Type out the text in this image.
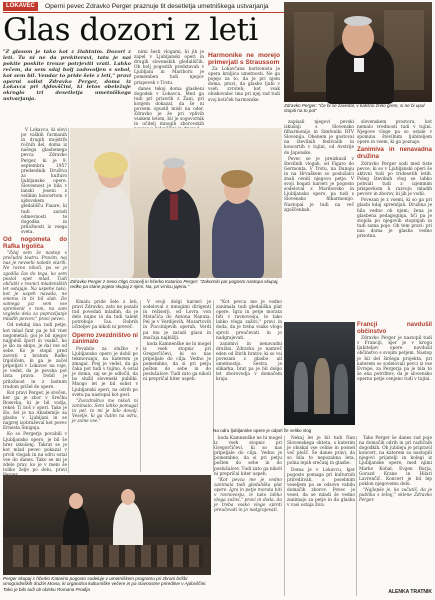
LOKAVEC	Operni pevec Zdravko Perger praznuje tit desetletja umetniškega ustvarjanja
Glas dozori z leti
"Z glasom je tako kot z žlahtnim. Dozori z leti. Tu ni ne da prekiteravi, tatu je nai pokite poskite treuze potrjeviti vrati. Lahko rečem, da sem sdaj bolj zadovoljen s sebol, kot sem bil. Vendar to pride šele z leti," pravi operni solist Zdravko Perger, doma iz Lokavca pri Ajdovščini, ki letos obeležuje okroglo tri desetletja umetniškega ustvarjanja.

V Lokavcu, ki slovi po vaških furmanih in drugih mojstrih ročnih del, doma iz našega glasbenega pevca Zdravko Perger, ki je 9. septembra 1957 predsednik Društva za kulturo ljubljanske opere. Slovesnost je bila v lanski jeseni z velikim koncertom v ajdovskem gledališču Fiaare, ki tudi zaradi odmevnosti te dogodka in priložnosti iz vsega sveta.

Od nogometa do Rafka Irgoliča

"Zdaj sem že nastop v prečudni teatru. Pravim, naj nas je nevsehi nalede starih. Ne ravno nikoli, pa se je zgodila čas do tega, ko sem postal spet mlad. Tudi občutki v resnici mladeniških let ostajajo. Na uspehe tako, kot je uspeh navada, ne smemo in bi bil slab. Do samega jaz sem vse spremenil v tem, na sam vzgleda dela za popravljanje mladih pevcev," pravi pevec.

Od nekdaj ima radi petje, kot mlad fant pa je bil vnet nogometaš; gol je bil njegov najljubši šport in vsakič, ko je šlo za ekipo, je dal vse od sebe. Ko je stopil pred zavrsti z bratom Rafko Irgoličem, ki ga je začel pripeljati v Lokavec na vaje, je vedel, da je pevska pot tista prava. Dobil je priložnost in z lastnim trudom prišel do opere.

Kot pravi Perger, je srečen, ker ga je zbor v Srečku Rosevka, ki je bil vodja, rekel: Ti boš v operi. Tako je šlo, šel je na Akademijo za glasbo v Ljubljani in se najprej izobraževal kot pevec Ernesta Šinigoja.

Ko so Pergerja povabili v Ljubljansko opero, je bil še brez izkušenj. Takrat se je kot mlad pevec pokazal v prvih vlogah in na odru ostal vse do danes. Tako se mi je zdelo prav, ko je v meni še toliko želje po delu, pravi

nimi šesti vlogami, ki jih je zapel v Ljubljanski operi in drugih slovenskih gledališčih. Ob bolj pogostih predstavah v Ljubljani in Mariboru je pomemben tudi njegov prispevek v Trstu.

danes tekoj doma glasbeni dogodek v Lokavcu. Med ga tudi pri prizorih z Žani, pri konjem dokazal, da še ni povsem opustil misli na oder. Zdravko je že pri vplivih vsakem letom, bil je sogovornik in učitelj mnogih zborovskih

Harmonike ne morejo primerjati s Straussom

Za Lokavčana baritonista je opera kraljica umetnosti. Ne ga pojejo za to, da je pri njem doma, pravi, da glasbo ljubi v vseh zvrsteh; kot vsak obiskovalec ima pri njej rad tudi svoj kotiček harmonike.

Zdravko Perger: "Če bi se zavedal, v kakšno žrelo grem, si ne bi upal stopiti na to pot"
Zdravko Perger z Ireno Olgo Gracelj in hčerko Katarino Perger: "Zakonski par pogosto nastopa skupaj, redko pa stane pojeta skupaj z njimi. Na, pri vrnicu jajena."

zapisali njegovi pevski izkušnji s Slovensko filharmonijo in Simfoniki RTV Slovenija. Obenem je gostoval na številnih festivalih in koncertih v tujini, od Avstrije do Japonske.

Pevec se je preizkusil v številnih vlogah, od Figaro do Germonta. V Trstu, na Dunaju in na Hrvaškem so poslušalci znali ceniti njegovo petje. V svoji bogati karieri je pogosto sodeloval z Mariborsko in Ljubljansko opero, pa tudi s Slovensko filharmonijo. Nastopal je tudi na več zgoščenkah.

slovenskem prostoru, kot nemalo vrednosti tudi v tujini. Njegove vloge pa so ostale v spominu številnim ljubiteljem opere in vsem, ki ga poznajo.

Zanimiva in nenavadna družina

Zdravko Perger sodi med tiste pevce, ki so v Ljubljanski operi še aktivni tudi po tridesetih letih. Poleg številnih vlog se lahko pohvali tudi z izjemnim prispevkom k razvoju mladih pevcev in zborov, ki jih je vodil.

Povezan je z vsemi, ki so ga pri glasbi kdaj spremljali. Družina je bila vedno ob njem; žena je glasbena pedagoginja, hči pa je stopila po njegovih stopinjah in tudi sama poje. Ob tem pravi: pri nas doma je glasba vedno prisotna.

Kmalu pride šele z leti, pravi Zdravko, zato ne pozabi rad povedati mladim, da je delo nujno in da tudi talent potrebuje čas. Dobrih učiteljev pa nikoli ni preveč.

Operno zvezdništvo ni zanimalo

Povabilo za službo v Ljubljansko opero je dobil po tekmovanju, na katerem je zmagal. Prej je vedel, da ga čaka pot tudi v tujino. A ostal je doma, saj se je odločil, da bo služil slovenski publiki. Mnogo let je bil solist v Ljubljanski operi, na odrih po svetu pa nastopal kot gost.

"Zvezdništvo me nikoli ni zanimalo. Sem lahko pomagal in pel, to mi je bilo dovolj. Veselje, ki ga čutim na odru, je zame vse."

V svoji dolgi karieri je sodeloval z mnogimi dirigenti in režiserji, od Lovra von Matačića do Antona Nanuta. Pel je v Verdijevih, Mozartovih in Puccinijevih operah, Verdi pa mu je zaradi glasu in značaja najbližji.

koda Kamnenške ne bi mogel iz vseh stopnic pri Gregorčičevi, ki so nas pripeljale do cilja. Vedno je pomembno, da si pri petju pošten do sebe in do poslušalcev. Tudi zato ga nikoli ni prepričal hiter uspeh.

"Kot pevca me je vedno zanimala tudi gledališka plat opere. Igra in petje morata biti v ravnovesju, le tako lahko vloga zaživi," pravi in doda, da je treba vsako vlogo sproti preučevati in jo nadgrajevati.

zanimivi in nenavadni družini. Zdravko je namreč eden od štirih bratov, ki so vsi povezani z glasbo ali umetnostjo. Sestra je slikarka, brat pa je bil dolgo let zborovodja v domačem kraju.

Francji navdušil občinstvo

Zdravko Perger je nastopil tudi v Franciji, kjer je v krogu ljubiteljev opere navdušil občinstvo s svojim petjem. Nastop je bil del širšega projekta, pri katerem so sodelovali pevci iz vse Evrope, za Pergerja pa je bila to še ena potrditev, da je slovensko operno petje cenjeno tudi v tujini.

Perger skupaj s hčerko Katarino pogosto sodeluje v umetniškem programu pri zbrani brišbi vinogradniških družin Movia, ki organizira kulturniške večere in pa slavnostne prireditve v Ajdovščini. Tako je bilo tudi ob obisku Romana Prodija
Na odru ljubljanske opere je odpel že veliko vlog

koda Kamnenške ne bi mogel iz vseh stopnic pri Gregorčičevi, ki so nas pripeljale do cilja. Vedno je pomembno, da si pri petju pošten do sebe in do poslušalcev. Tudi zato ga nikoli ni prepričal hiter uspeh.

"Kot pevca me je vedno zanimala tudi gledališka plat opere. Igra in petje morata biti v ravnovesju, le tako lahko vloga zaživi," pravi in doda, da je treba vsako vlogo sproti preučevati in jo nadgrajevati.

Nekaj let je bil tudi član Slovenskega okteta, s katerim je obiskal vse celine in posnel več plošč. Še danes pravi, da so bila to nepozabna leta, polna lepih srečanj in glasbe.

Doma je v Lokavcu, kjer pogosto pomaga pri kulturnih prireditvah, s posebnim veseljem pa se odzove vabilu domačih zborov. Pevec je vesel, da se mladi še vedno zanimajo za petje in da glasba v vasi ostaja živa.

Tako Perger še danes rad poje na domačih odrih in pri različnih dogodkih. Ob jubileju je pripravil koncert, na katerem so nastopili njegovi prijatelji in kolegi iz Ljubljanske opere, med njimi Marko Kobal, Evgen Burja, Gorazd Krane in Hilari Lavrenčič. Koncert je bil lep poklon njegovemu delu.

"Najlepše je, ko začutiš, da je publika s teboj," sklene Zdravko Perger.

ALENKA TRATNIK
